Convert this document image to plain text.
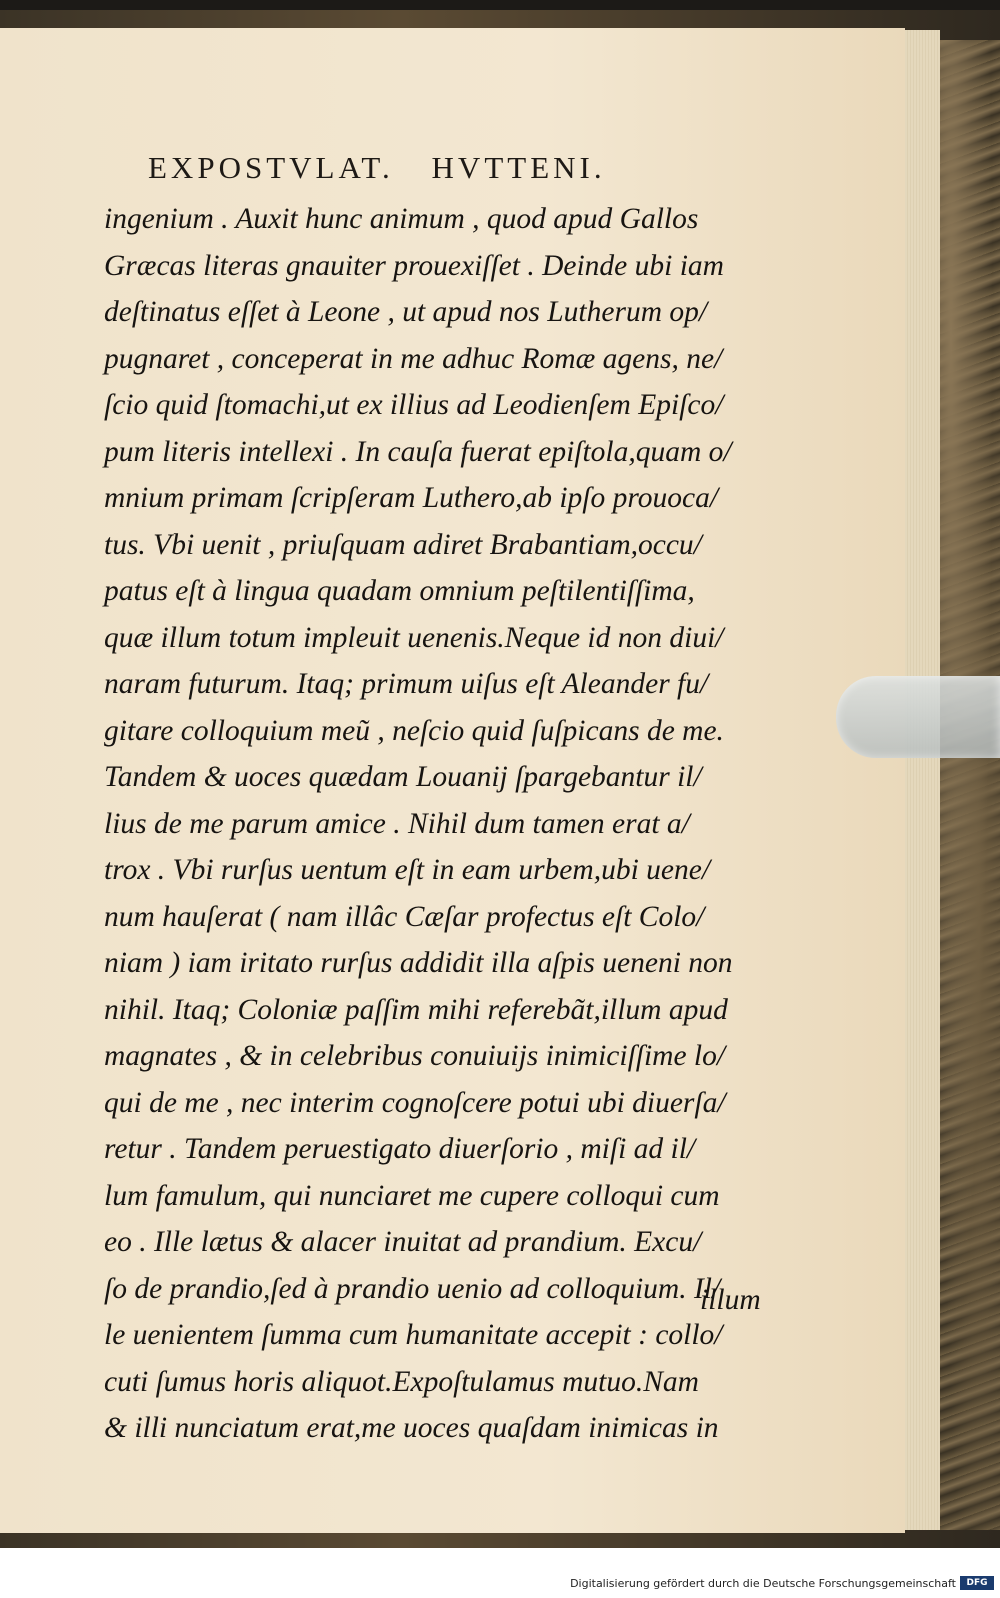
EXPOSTVLAT. HVTTENI.
ingenium . Auxit hunc animum , quod apud Gallos
Græcas literas gnauiter prouexiſſet . Deinde ubi iam
deſtinatus eſſet à Leone , ut apud nos Lutherum op/
pugnaret , conceperat in me adhuc Romæ agens, ne/
ſcio quid ſtomachi,ut ex illius ad Leodienſem Epiſco/
pum literis intellexi . In cauſa fuerat epiſtola,quam o/
mnium primam ſcripſeram Luthero,ab ipſo prouoca/
tus. Vbi uenit , priuſquam adiret Brabantiam,occu/
patus eſt à lingua quadam omnium peſtilentiſſima,
quæ illum totum impleuit uenenis.Neque id non diui/
naram futurum. Itaq; primum uiſus eſt Aleander fu/
gitare colloquium meũ , neſcio quid ſuſpicans de me.
Tandem & uoces quædam Louanij ſpargebantur il/
lius de me parum amice . Nihil dum tamen erat a/
trox . Vbi rurſus uentum eſt in eam urbem,ubi uene/
num hauſerat ( nam illâc Cæſar profectus eſt Colo/
niam ) iam iritato rurſus addidit illa aſpis ueneni non
nihil. Itaq; Coloniæ paſſim mihi referebãt,illum apud
magnates , & in celebribus conuiuijs inimiciſſime lo/
qui de me , nec interim cognoſcere potui ubi diuerſa/
retur . Tandem peruestigato diuerſorio , miſi ad il/
lum famulum, qui nunciaret me cupere colloqui cum
eo . Ille lætus & alacer inuitat ad prandium. Excu/
ſo de prandio,ſed à prandio uenio ad colloquium. Il/
le uenientem ſumma cum humanitate accepit : collo/
cuti ſumus horis aliquot.Expoſtulamus mutuo.Nam
& illi nunciatum erat,me uoces quaſdam inimicas in
illum
Digitalisierung gefördert durch die Deutsche Forschungsgemeinschaft	DFG
